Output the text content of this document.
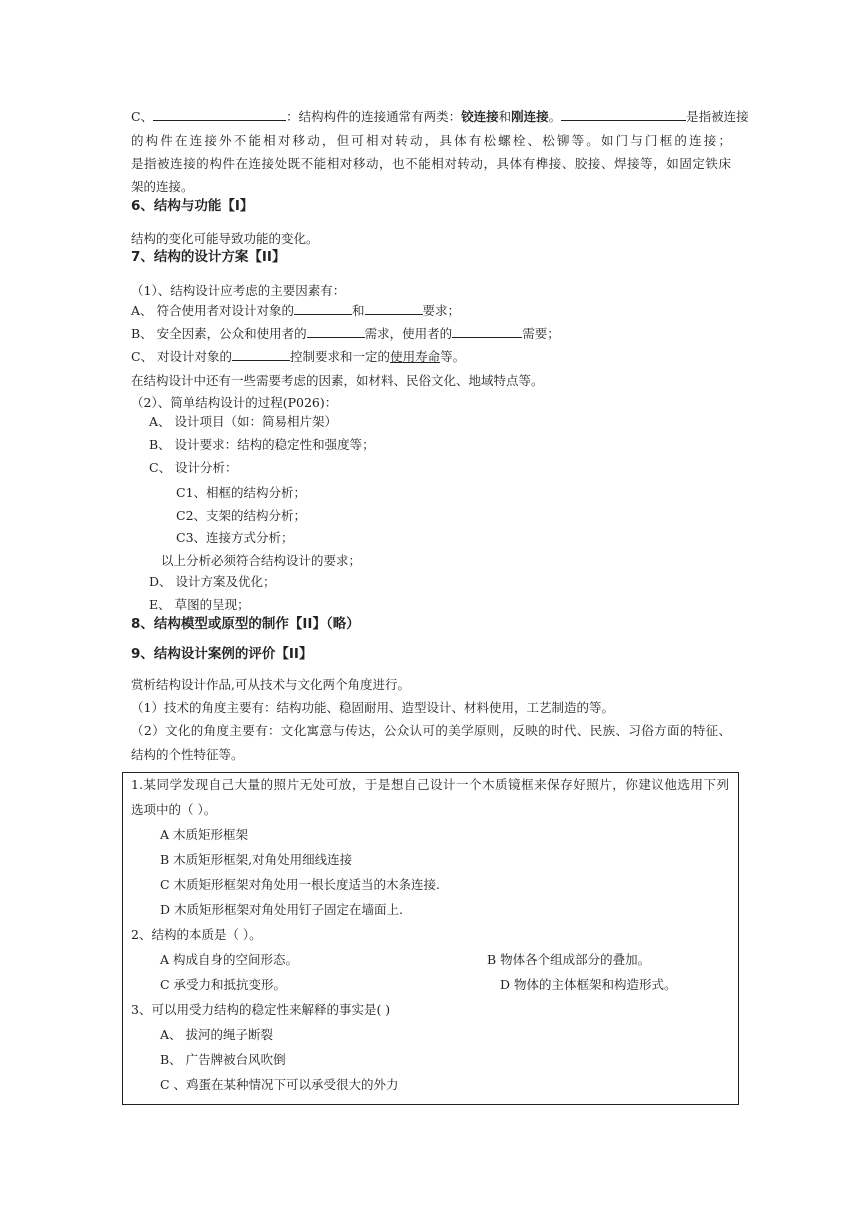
C、	：结构构件的连接通常有两类：铰连接和刚连接。	是指被连接
的构件在连接外不能相对移动，但可相对转动，具体有松螺栓、松铆等。如门与门框的连接；
是指被连接的构件在连接处既不能相对移动，也不能相对转动，具体有榫接、胶接、焊接等，如固定铁床
架的连接。
6、结构与功能【I】
结构的变化可能导致功能的变化。
7、结构的设计方案【II】
（1）、结构设计应考虑的主要因素有：
A、 符合使用者对设计对象的	和	要求；
B、 安全因素，公众和使用者的	需求，使用者的	需要；
C、 对设计对象的	控制要求和一定的使用寿命等。
在结构设计中还有一些需要考虑的因素，如材料、民俗文化、地域特点等。
（2）、简单结构设计的过程(P026)：
A、 设计项目（如：简易相片架）
B、 设计要求：结构的稳定性和强度等；
C、 设计分析：
C1、相框的结构分析；
C2、支架的结构分析；
C3、连接方式分析；
以上分析必须符合结构设计的要求；
D、 设计方案及优化；
E、 草图的呈现；
8、结构模型或原型的制作【II】（略）
9、结构设计案例的评价【II】
赏析结构设计作品,可从技术与文化两个角度进行。
（1）技术的角度主要有：结构功能、稳固耐用、造型设计、材料使用，工艺制造的等。
（2）文化的角度主要有：文化寓意与传达，公众认可的美学原则，反映的时代、民族、习俗方面的特征、
结构的个性特征等。
1.某同学发现自己大量的照片无处可放，于是想自己设计一个木质镜框来保存好照片，你建议他选用下列
选项中的（ ）。
A 木质矩形框架
B 木质矩形框架,对角处用细线连接
C 木质矩形框架对角处用一根长度适当的木条连接.
D 木质矩形框架对角处用钉子固定在墙面上.
2、结构的本质是（ ）。
A 构成自身的空间形态。	B 物体各个组成部分的叠加。
C 承受力和抵抗变形。	D 物体的主体框架和构造形式。
3、可以用受力结构的稳定性来解释的事实是( )
A、 拔河的绳子断裂
B、 广告牌被台风吹倒
C 、鸡蛋在某种情况下可以承受很大的外力
